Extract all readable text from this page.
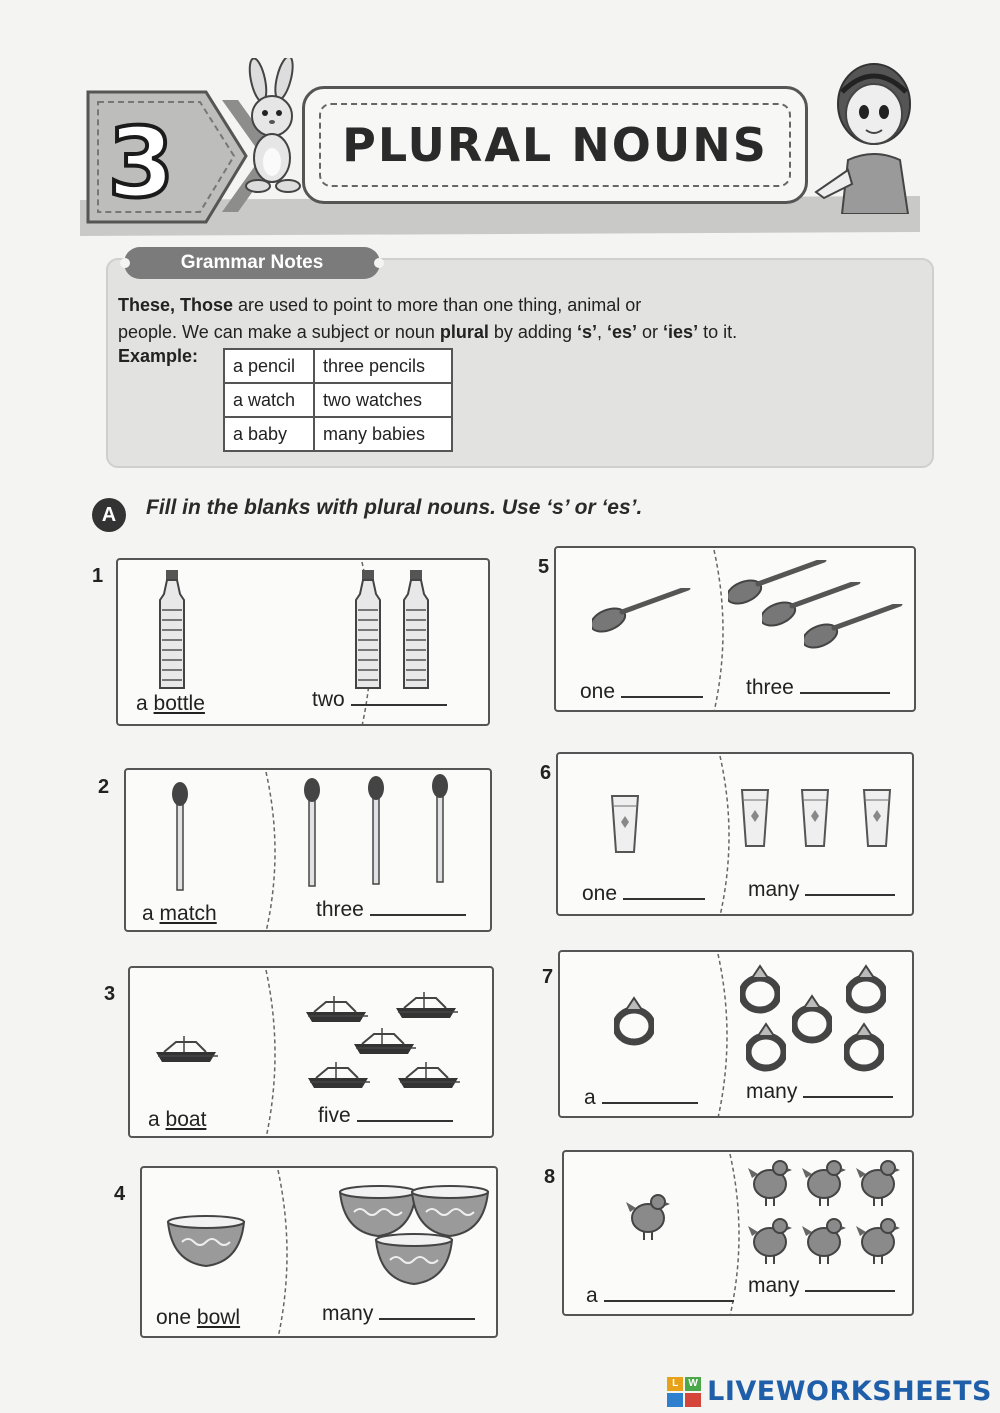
3	PLURAL NOUNS
Grammar Notes
These, Those are used to point to more than one thing, animal or
people. We can make a subject or noun plural by adding ‘s’, ‘es’ or ‘ies’ to it.
Example: a pencil	three pencils
a watch	two watches
a baby	many babies
A	Fill in the blanks with plural nouns. Use ‘s’ or ‘es’.
1
a bottle	two
2
a match	three
3
a boat	five
4
one bowl	many
5
one	three
6
one	many
7
a	many
8
a	many
L	W LIVEWORKSHEETS
